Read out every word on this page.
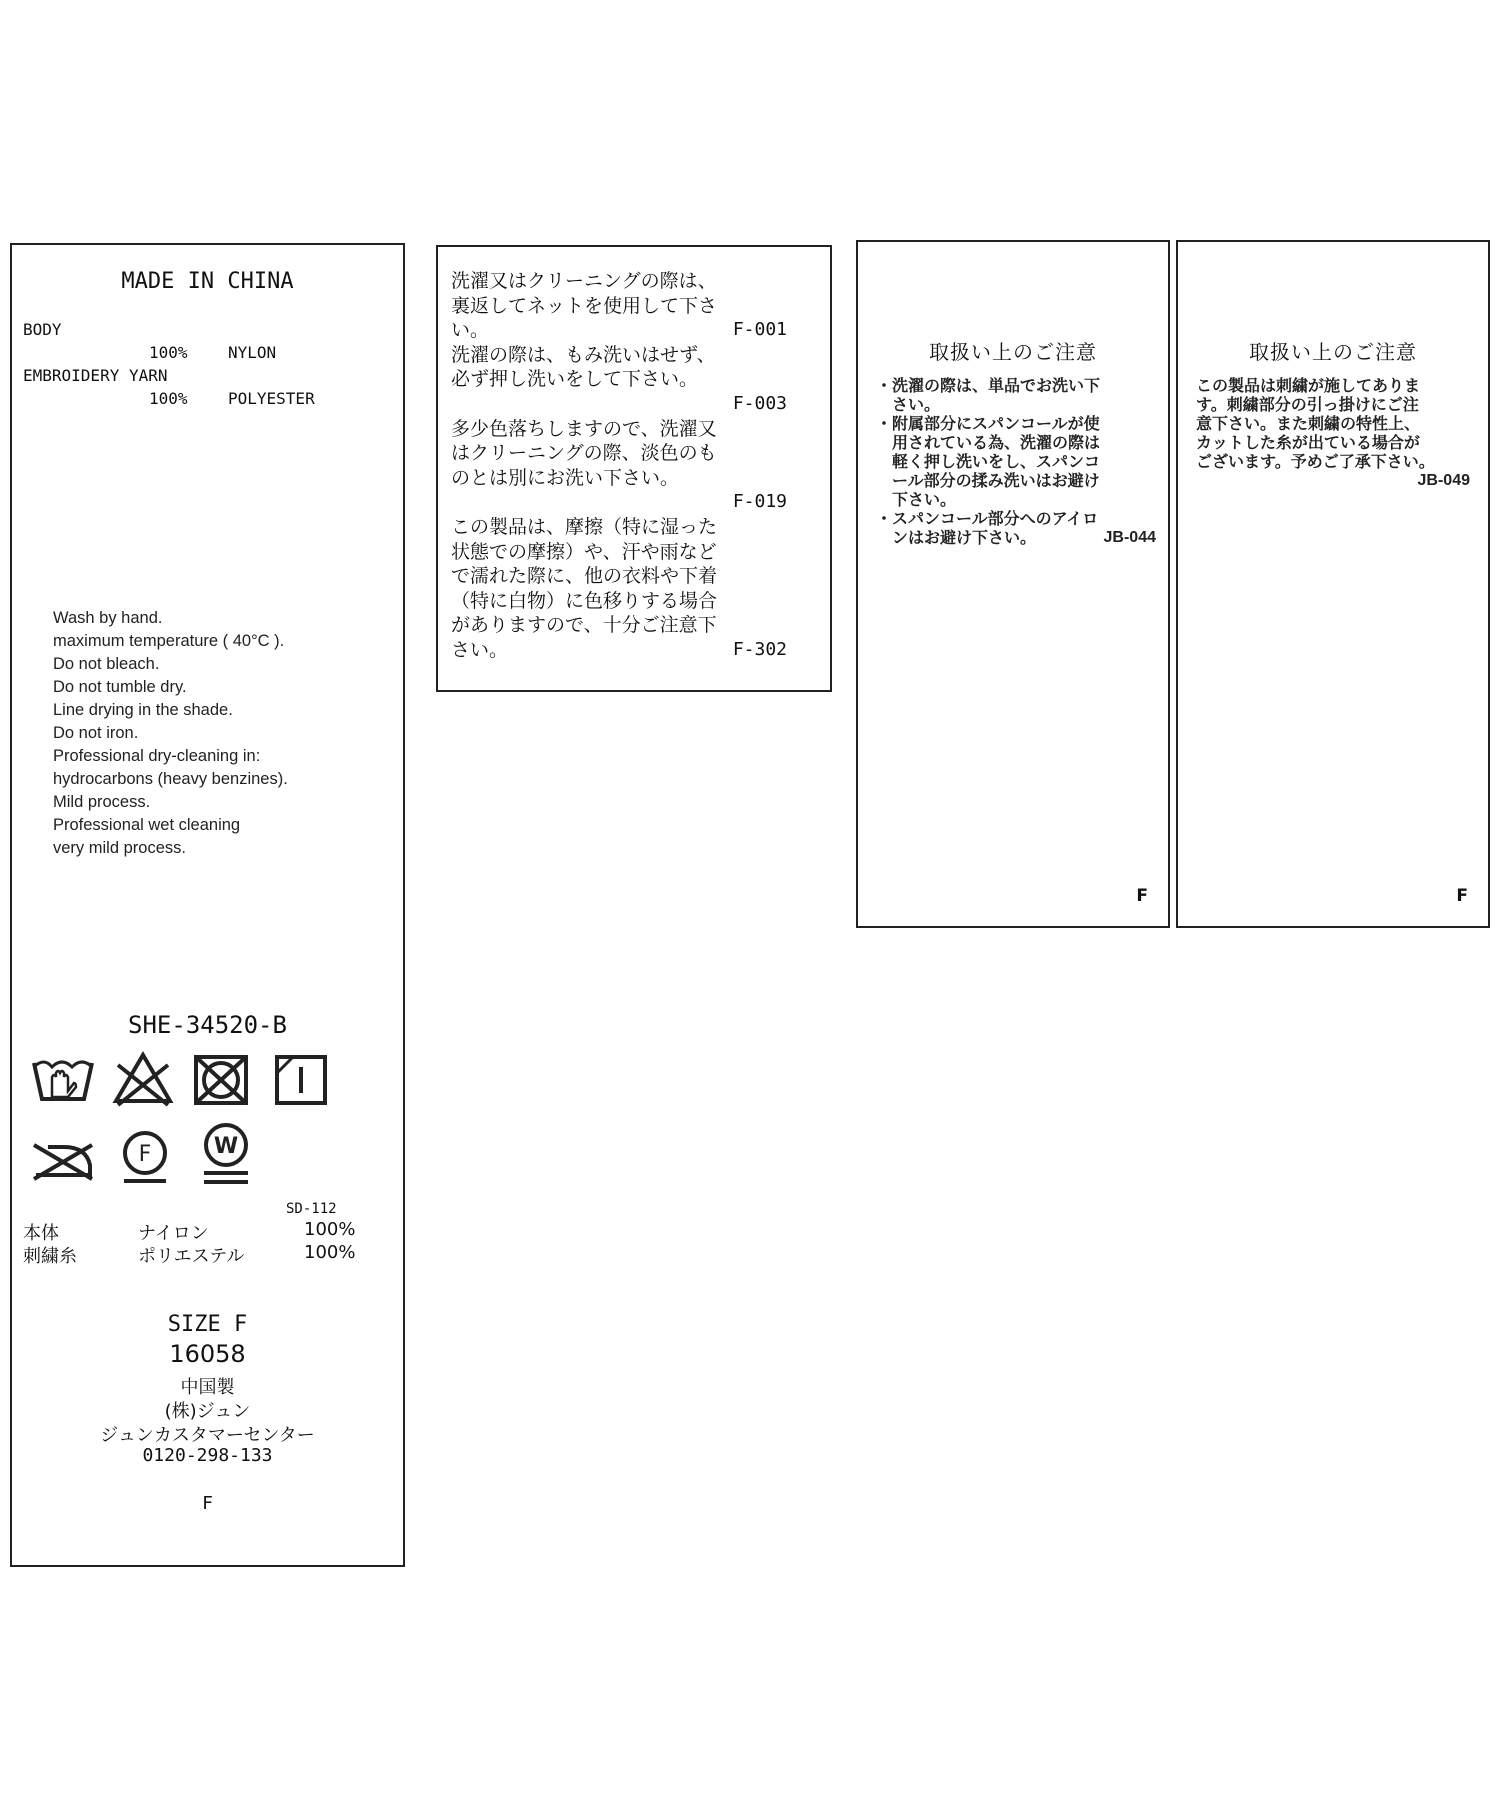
MADE IN CHINA

BODY

100%	NYLON

EMBROIDERY YARN

100%	POLYESTER

Wash by hand.
maximum temperature ( 40°C ).
Do not bleach.
Do not tumble dry.
Line drying in the shade.
Do not iron.
Professional dry-cleaning in:
hydrocarbons (heavy benzines).
Mild process.
Professional wet cleaning
very mild process.

SHE-34520-B

F	W

SD-112

本体	ナイロン	100%

刺繍糸	ポリエステル	100%

SIZE F

16058

中国製

(株)ジュン

ジュンカスタマーセンター

0120-298-133

F

洗濯又はクリーニングの際は、
裏返してネットを使用して下さ
い。	F-001
洗濯の際は、もみ洗いはせず、
必ず押し洗いをして下さい。
F-003
多少色落ちしますので、洗濯又
はクリーニングの際、淡色のも
のとは別にお洗い下さい。
F-019
この製品は、摩擦（特に湿った
状態での摩擦）や、汗や雨など
で濡れた際に、他の衣料や下着
（特に白物）に色移りする場合
がありますので、十分ご注意下
さい。	F-302

取扱い上のご注意

・ 洗濯の際は、単品でお洗い下
さい。
・ 附属部分にスパンコールが使
用されている為、洗濯の際は
軽く押し洗いをし、スパンコ
ール部分の揉み洗いはお避け
下さい。
・ スパンコール部分へのアイロ
ンはお避け下さい。	JB-044
F

取扱い上のご注意

この製品は刺繍が施してありま
す。刺繍部分の引っ掛けにご注
意下さい。また刺繍の特性上、
カットした糸が出ている場合が
ございます。予めご了承下さい。
JB-049
F
